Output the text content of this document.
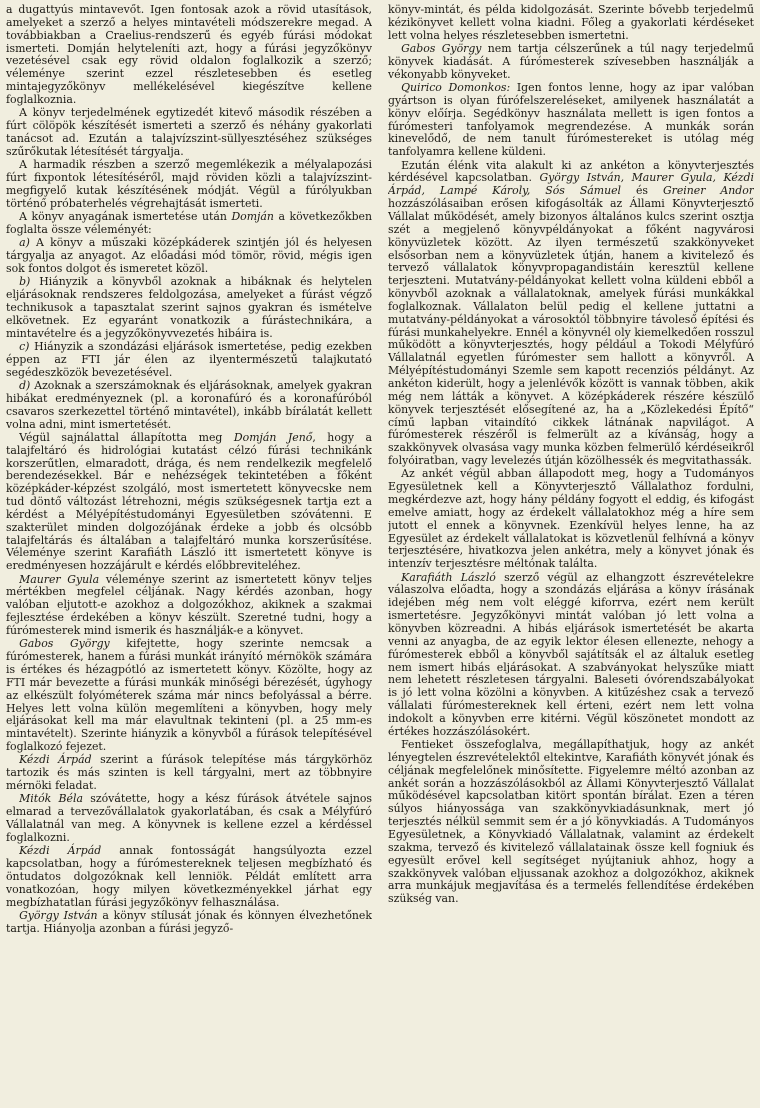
a dugattyús mintavevőt. Igen fontosak azok a rövid utasítások, amelyeket a szerző a helyes mintavételi módszerekre megad. A továbbiakban a Craelius-rendszerű és egyéb fúrási módokat ismerteti. Domján helyteleníti azt, hogy a fúrási jegyzőkönyv vezetésével csak egy rövid oldalon foglalkozik a szerző; véleménye szerint ezzel részletesebben és esetleg mintajegyzőkönyv mellékelésével kiegészítve kellene foglalkoznia.

A könyv terjedelmének egytizedét kitevő második részében a fúrt cölöpök készítését ismerteti a szerző és néhány gyakorlati tanácsot ad. Ezután a talajvízszint-süllyesztéséhez szükséges szűrőkutak létesítését tárgyalja.

A harmadik részben a szerző megemlékezik a mélyalapozási fúrt fixpontok létesítéséről, majd röviden közli a talajvízszint-megfigyelő kutak készítésének módját. Végül a fúrólyukban történő próbaterhelés végrehajtását ismerteti.

A könyv anyagának ismertetése után Domján a következőkben foglalta össze véleményét:

a) A könyv a műszaki középkáderek szintjén jól és helyesen tárgyalja az anyagot. Az előadási mód tömör, rövid, mégis igen sok fontos dolgot és ismeretet közöl.

b) Hiányzik a könyvből azoknak a hibáknak és helytelen eljárásoknak rendszeres feldolgozása, amelyeket a fúrást végző technikusok a tapasztalat szerint sajnos gyakran és ismételve elkövetnek. Ez egyaránt vonatkozik a fúrástechnikára, a mintavételre és a jegyzőkönyvvezetés hibáira is.

c) Hiányzik a szondázási eljárások ismertetése, pedig ezekben éppen az FTI jár élen az ilyentermészetű talajkutató segédeszközök bevezetésével.

d) Azoknak a szerszámoknak és eljárásoknak, amelyek gyakran hibákat eredményeznek (pl. a koronafúró és a koronafúróból csavaros szerkezettel történő mintavétel), inkább bírálatát kellett volna adni, mint ismertetését.

Végül sajnálattal állapította meg Domján Jenő, hogy a talajfeltáró és hidrológiai kutatást célzó fúrási technikánk korszerűtlen, elmaradott, drága, és nem rendelkezik megfelelő berendezésekkel. Bár e nehézségek tekintetében a főként középkáder-képzést szolgáló, most ismertetett könyvecske nem tud döntő változást létrehozni, mégis szükségesnek tartja ezt a kérdést a Mélyépítéstudományi Egyesületben szóvátenni. E szakterület minden dolgozójának érdeke a jobb és olcsóbb talajfeltárás és általában a talajfeltáró munka korszerűsítése. Véleménye szerint Karafiáth László itt ismertetett könyve is eredményesen hozzájárult e kérdés előbbreviteléhez.

Maurer Gyula véleménye szerint az ismertetett könyv teljes mértékben megfelel céljának. Nagy kérdés azonban, hogy valóban eljutott-e azokhoz a dolgozókhoz, akiknek a szakmai fejlesztése érdekében a könyv készült. Szeretné tudni, hogy a fúrómesterek mind ismerik és használják-e a könyvet.

Gabos György kifejtette, hogy szerinte nemcsak a fúrómesterek, hanem a fúrási munkát irányító mérnökök számára is értékes és hézagpótló az ismertetett könyv. Közölte, hogy az FTI már bevezette a fúrási munkák minőségi bérezését, úgyhogy az elkészült folyóméterek száma már nincs befolyással a bérre. Helyes lett volna külön megemlíteni a könyvben, hogy mely eljárásokat kell ma már elavultnak tekinteni (pl. a 25 mm-es mintavételt). Szerinte hiányzik a könyvből a fúrások telepítésével foglalkozó fejezet.

Kézdi Árpád szerint a fúrások telepítése más tárgykörhöz tartozik és más szinten is kell tárgyalni, mert az többnyire mérnöki feladat.

Mitók Béla szóvátette, hogy a kész fúrások átvétele sajnos elmarad a tervezővállalatok gyakorlatában, és csak a Mélyfúró Vállalatnál van meg. A könyvnek is kellene ezzel a kérdéssel foglalkozni.

Kézdi Árpád annak fontosságát hangsúlyozta ezzel kapcsolatban, hogy a fúrómestereknek teljesen megbízható és öntudatos dolgozóknak kell lenniök. Példát említett arra vonatkozóan, hogy milyen következményekkel járhat egy megbízhatatlan fúrási jegyzőkönyv felhasználása.

György István a könyv stílusát jónak és könnyen élvezhetőnek tartja. Hiányolja azonban a fúrási jegyző-

könyv-mintát, és példa kidolgozását. Szerinte bővebb terjedelmű kézikönyvet kellett volna kiadni. Főleg a gyakorlati kérdéseket lett volna helyes részletesebben ismertetni.

Gabos György nem tartja célszerűnek a túl nagy terjedelmű könyvek kiadását. A fúrómesterek szívesebben használják a vékonyabb könyveket.

Quirico Domonkos: Igen fontos lenne, hogy az ipar valóban gyártson is olyan fúrófelszereléseket, amilyenek használatát a könyv előírja. Segédkönyv használata mellett is igen fontos a fúrómesteri tanfolyamok megrendezése. A munkák során kinevelődő, de nem tanult fúrómestereket is utólag még tanfolyamra kellene küldeni.

Ezután élénk vita alakult ki az ankéton a könyvterjesztés kérdésével kapcsolatban. György István, Maurer Gyula, Kézdi Árpád, Lampé Károly, Sós Sámuel és Greiner Andor hozzászólásaiban erősen kifogásolták az Állami Könyvterjesztő Vállalat működését, amely bizonyos általános kulcs szerint osztja szét a megjelenő könyvpéldányokat a főként nagyvárosi könyvüzletek között. Az ilyen természetű szakkönyveket elsősorban nem a könyvüzletek útján, hanem a kivitelező és tervező vállalatok könyvpropagandistáin keresztül kellene terjeszteni. Mutatvány-példányokat kellett volna küldeni ebből a könyvből azoknak a vállalatoknak, amelyek fúrási munkákkal foglalkoznak. Vállalaton belül pedig el kellene juttatni a mutatvány-példányokat a városoktól többnyire távoleső építési és fúrási munkahelyekre. Ennél a könyvnél oly kiemelkedően rosszul működött a könyvterjesztés, hogy például a Tokodi Mélyfúró Vállalatnál egyetlen fúrómester sem hallott a könyvről. A Mélyépítéstudományi Szemle sem kapott recenziós példányt. Az ankéton kiderült, hogy a jelenlévők között is vannak többen, akik még nem látták a könyvet. A középkáderek részére készülő könyvek terjesztését elősegítené az, ha a „Közlekedési Építő“ című lapban vitaindító cikkek látnának napvilágot. A fúrómesterek részéről is felmerült az a kívánság, hogy a szakkönyvek olvasása vagy munka közben felmerülő kérdéseikről folyóiratban, vagy levelezés útján közölhessék és megvitathassák.

Az ankét végül abban állapodott meg, hogy a Tudományos Egyesületnek kell a Könyvterjesztő Vállalathoz fordulni, megkérdezve azt, hogy hány példány fogyott el eddig, és kifogást emelve amiatt, hogy az érdekelt vállalatokhoz még a híre sem jutott el ennek a könyvnek. Ezenkívül helyes lenne, ha az Egyesület az érdekelt vállalatokat is közvetlenül felhívná a könyv terjesztésére, hivatkozva jelen ankétra, mely a könyvet jónak és intenzív terjesztésre méltónak találta.

Karafiáth László szerző végül az elhangzott észrevételekre válaszolva előadta, hogy a szondázás eljárása a könyv írásának idejében még nem volt eléggé kiforrva, ezért nem került ismertetésre. Jegyzőkönyvi mintát valóban jó lett volna a könyvben közreadni. A hibás eljárások ismertetését be akarta venni az anyagba, de az egyik lektor élesen ellenezte, nehogy a fúrómesterek ebből a könyvből sajátítsák el az általuk esetleg nem ismert hibás eljárásokat. A szabványokat helyszűke miatt nem lehetett részletesen tárgyalni. Baleseti óvórendszabályokat is jó lett volna közölni a könyvben. A kitűzéshez csak a tervező vállalati fúrómestereknek kell érteni, ezért nem lett volna indokolt a könyvben erre kitérni. Végül köszönetet mondott az értékes hozzászólásokért.

Fentieket összefoglalva, megállapíthatjuk, hogy az ankét lényegtelen észrevételektől eltekintve, Karafiáth könyvét jónak és céljának megfelelőnek minősítette. Figyelemre méltó azonban az ankét során a hozzászólásokból az Állami Könyvterjesztő Vállalat működésével kapcsolatban kitört spontán bírálat. Ezen a téren súlyos hiányossága van szakkönyvkiadásunknak, mert jó terjesztés nélkül semmit sem ér a jó könyvkiadás. A Tudományos Egyesületnek, a Könyvkiadó Vállalatnak, valamint az érdekelt szakma, tervező és kivitelező vállalatainak össze kell fogniuk és egyesült erővel kell segítséget nyújtaniuk ahhoz, hogy a szakkönyvek valóban eljussanak azokhoz a dolgozókhoz, akiknek arra munkájuk megjavítása és a termelés fellendítése érdekében szükség van.
